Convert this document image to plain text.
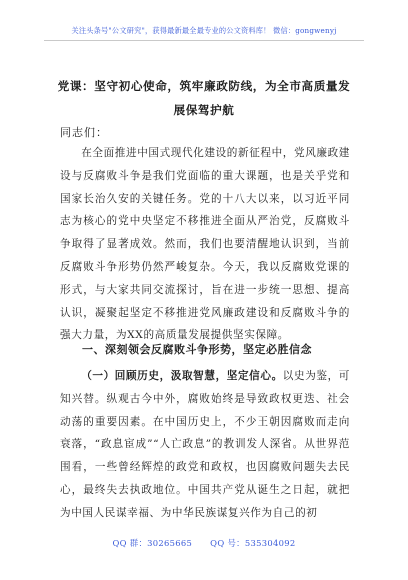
关注头条号"公文研究"，获得最新最全最专业的公文资料库！ 微信：gongwenyj
党课：坚守初心使命，筑牢廉政防线，为全市高质量发展保驾护航
同志们：

在全面推进中国式现代化建设的新征程中，党风廉政建设与反腐败斗争是我们党面临的重大课题，也是关乎党和国家长治久安的关键任务。党的十八大以来，以习近平同志为核心的党中央坚定不移推进全面从严治党，反腐败斗争取得了显著成效。然而，我们也要清醒地认识到，当前反腐败斗争形势仍然严峻复杂。今天，我以反腐败党课的形式，与大家共同交流探讨，旨在进一步统一思想、提高认识，凝聚起坚定不移推进党风廉政建设和反腐败斗争的强大力量，为XX的高质量发展提供坚实保障。

一、深刻领会反腐败斗争形势，坚定必胜信念

（一）回顾历史，汲取智慧，坚定信心。以史为鉴，可知兴替。纵观古今中外，腐败始终是导致政权更迭、社会动荡的重要因素。在中国历史上，不少王朝因腐败而走向衰落，“政息宦成”“人亡政息”的教训发人深省。从世界范围看，一些曾经辉煌的政党和政权，也因腐败问题失去民心，最终失去执政地位。中国共产党从诞生之日起，就把为中国人民谋幸福、为中华民族谋复兴作为自己的初

QQ 群：30265665 QQ 号：535304092
